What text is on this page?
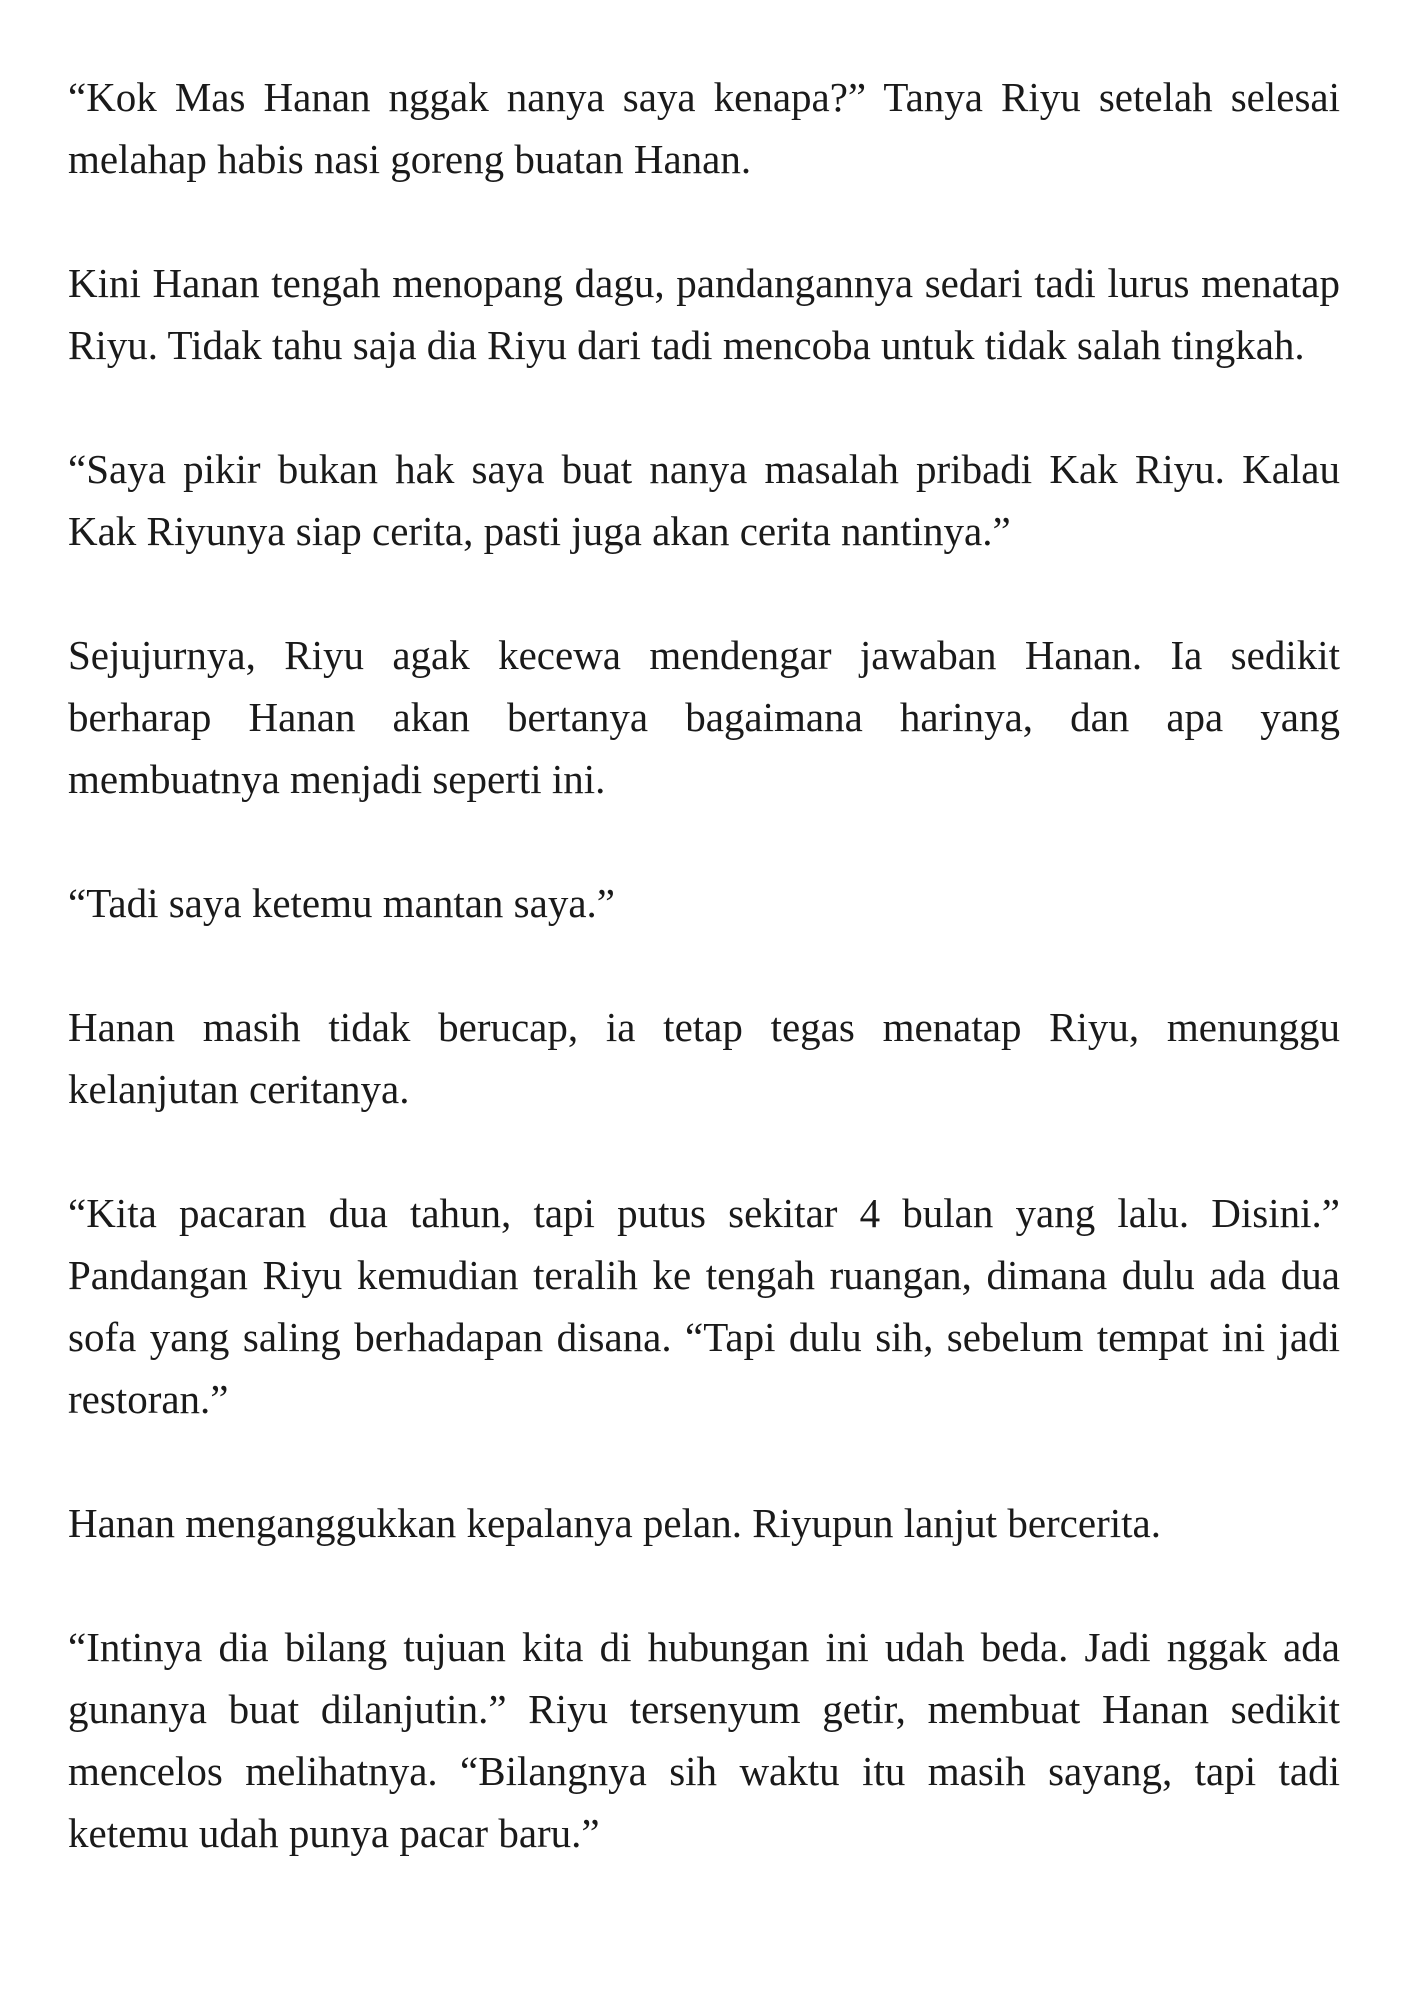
“Kok Mas Hanan nggak nanya saya kenapa?” Tanya Riyu setelah selesai melahap habis nasi goreng buatan Hanan.

Kini Hanan tengah menopang dagu, pandangannya sedari tadi lurus menatap Riyu. Tidak tahu saja dia Riyu dari tadi mencoba untuk tidak salah tingkah.

“Saya pikir bukan hak saya buat nanya masalah pribadi Kak Riyu. Kalau Kak Riyunya siap cerita, pasti juga akan cerita nantinya.”

Sejujurnya, Riyu agak kecewa mendengar jawaban Hanan. Ia sedikit berharap Hanan akan bertanya bagaimana harinya, dan apa yang membuatnya menjadi seperti ini.

“Tadi saya ketemu mantan saya.”

Hanan masih tidak berucap, ia tetap tegas menatap Riyu, menunggu kelanjutan ceritanya.

“Kita pacaran dua tahun, tapi putus sekitar 4 bulan yang lalu. Disini.” Pandangan Riyu kemudian teralih ke tengah ruangan, dimana dulu ada dua sofa yang saling berhadapan disana. “Tapi dulu sih, sebelum tempat ini jadi restoran.”

Hanan menganggukkan kepalanya pelan. Riyupun lanjut bercerita.

“Intinya dia bilang tujuan kita di hubungan ini udah beda. Jadi nggak ada gunanya buat dilanjutin.” Riyu tersenyum getir, membuat Hanan sedikit mencelos melihatnya. “Bilangnya sih waktu itu masih sayang, tapi tadi ketemu udah punya pacar baru.”
